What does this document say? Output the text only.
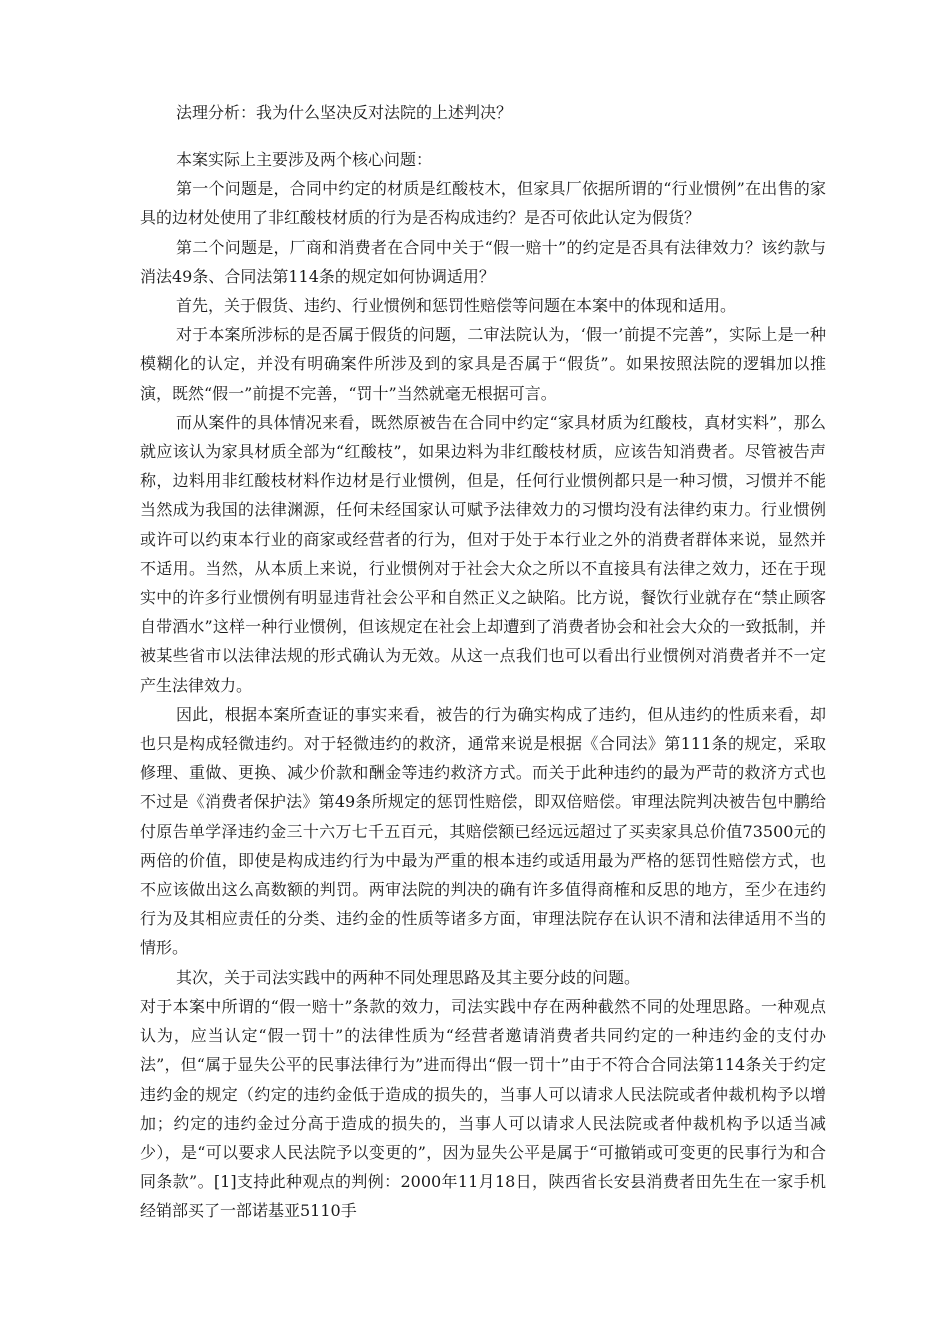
法理分析：我为什么坚决反对法院的上述判决？

本案实际上主要涉及两个核心问题：

第一个问题是，合同中约定的材质是红酸枝木，但家具厂依据所谓的“行业惯例”在出售的家具的边材处使用了非红酸枝材质的行为是否构成违约？是否可依此认定为假货？

第二个问题是，厂商和消费者在合同中关于“假一赔十”的约定是否具有法律效力？该约款与消法49条、合同法第114条的规定如何协调适用？

首先，关于假货、违约、行业惯例和惩罚性赔偿等问题在本案中的体现和适用。

对于本案所涉标的是否属于假货的问题，二审法院认为，‘假一’前提不完善”，实际上是一种模糊化的认定，并没有明确案件所涉及到的家具是否属于“假货”。如果按照法院的逻辑加以推演，既然“假一”前提不完善，“罚十”当然就毫无根据可言。

而从案件的具体情况来看，既然原被告在合同中约定“家具材质为红酸枝，真材实料”，那么就应该认为家具材质全部为“红酸枝”，如果边料为非红酸枝材质，应该告知消费者。尽管被告声称，边料用非红酸枝材料作边材是行业惯例，但是，任何行业惯例都只是一种习惯，习惯并不能当然成为我国的法律渊源，任何未经国家认可赋予法律效力的习惯均没有法律约束力。行业惯例或许可以约束本行业的商家或经营者的行为，但对于处于本行业之外的消费者群体来说，显然并不适用。当然，从本质上来说，行业惯例对于社会大众之所以不直接具有法律之效力，还在于现实中的许多行业惯例有明显违背社会公平和自然正义之缺陷。比方说，餐饮行业就存在“禁止顾客自带酒水”这样一种行业惯例，但该规定在社会上却遭到了消费者协会和社会大众的一致抵制，并被某些省市以法律法规的形式确认为无效。从这一点我们也可以看出行业惯例对消费者并不一定产生法律效力。

因此，根据本案所查证的事实来看，被告的行为确实构成了违约，但从违约的性质来看，却也只是构成轻微违约。对于轻微违约的救济，通常来说是根据《合同法》第111条的规定，采取修理、重做、更换、减少价款和酬金等违约救济方式。而关于此种违约的最为严苛的救济方式也不过是《消费者保护法》第49条所规定的惩罚性赔偿，即双倍赔偿。审理法院判决被告包中鹏给付原告单学泽违约金三十六万七千五百元，其赔偿额已经远远超过了买卖家具总价值73500元的两倍的价值，即使是构成违约行为中最为严重的根本违约或适用最为严格的惩罚性赔偿方式，也不应该做出这么高数额的判罚。两审法院的判决的确有许多值得商榷和反思的地方，至少在违约行为及其相应责任的分类、违约金的性质等诸多方面，审理法院存在认识不清和法律适用不当的情形。

其次，关于司法实践中的两种不同处理思路及其主要分歧的问题。

对于本案中所谓的“假一赔十”条款的效力，司法实践中存在两种截然不同的处理思路。一种观点认为，应当认定“假一罚十”的法律性质为“经营者邀请消费者共同约定的一种违约金的支付办法”，但“属于显失公平的民事法律行为”进而得出“假一罚十”由于不符合合同法第114条关于约定违约金的规定（约定的违约金低于造成的损失的，当事人可以请求人民法院或者仲裁机构予以增加；约定的违约金过分高于造成的损失的，当事人可以请求人民法院或者仲裁机构予以适当减少），是“可以要求人民法院予以变更的”，因为显失公平是属于“可撤销或可变更的民事行为和合同条款”。[1]支持此种观点的判例：2000年11月18日，陕西省长安县消费者田先生在一家手机经销部买了一部诺基亚5110手
